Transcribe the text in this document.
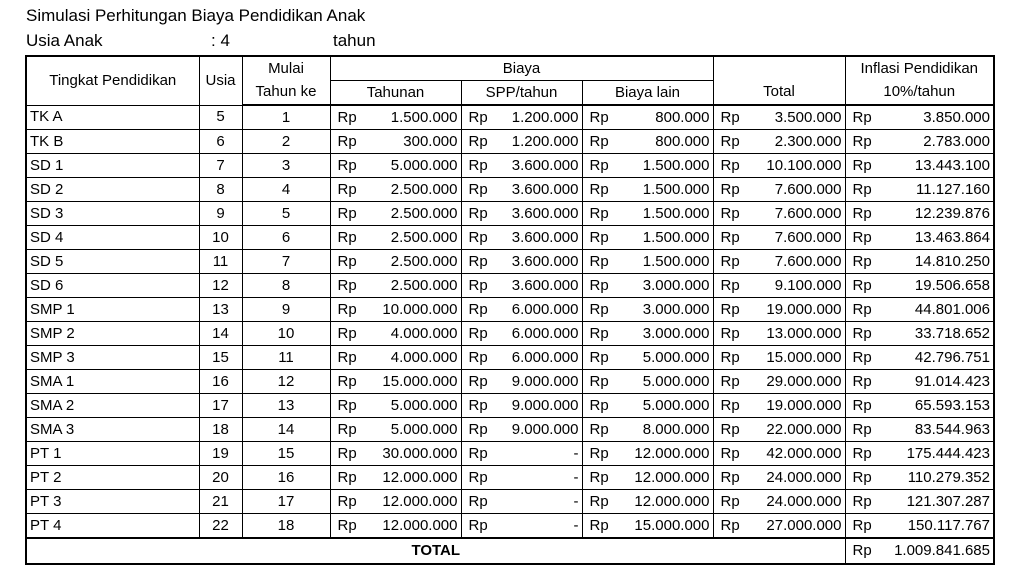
Simulasi Perhitungan Biaya Pendidikan Anak
Usia Anak	: 4	tahun
Tingkat Pendidikan	Usia	Mulai	Biaya				Inflasi Pendidikan
		Tahun ke	Tahunan	SPP/tahun	Biaya lain	Total	10%/tahun
TK A	5	1	Rp 1.500.000	Rp 1.200.000	Rp 800.000	Rp 3.500.000	Rp 3.850.000

TK B	6	2	Rp 300.000	Rp 1.200.000	Rp 800.000	Rp 2.300.000	Rp 2.783.000

SD 1	7	3	Rp 5.000.000	Rp 3.600.000	Rp 1.500.000	Rp 10.100.000	Rp 13.443.100

SD 2	8	4	Rp 2.500.000	Rp 3.600.000	Rp 1.500.000	Rp 7.600.000	Rp 11.127.160

SD 3	9	5	Rp 2.500.000	Rp 3.600.000	Rp 1.500.000	Rp 7.600.000	Rp 12.239.876

SD 4	10	6	Rp 2.500.000	Rp 3.600.000	Rp 1.500.000	Rp 7.600.000	Rp 13.463.864

SD 5	11	7	Rp 2.500.000	Rp 3.600.000	Rp 1.500.000	Rp 7.600.000	Rp 14.810.250

SD 6	12	8	Rp 2.500.000	Rp 3.600.000	Rp 3.000.000	Rp 9.100.000	Rp 19.506.658

SMP 1	13	9	Rp 10.000.000	Rp 6.000.000	Rp 3.000.000	Rp 19.000.000	Rp 44.801.006

SMP 2	14	10	Rp 4.000.000	Rp 6.000.000	Rp 3.000.000	Rp 13.000.000	Rp 33.718.652

SMP 3	15	11	Rp 4.000.000	Rp 6.000.000	Rp 5.000.000	Rp 15.000.000	Rp 42.796.751

SMA 1	16	12	Rp 15.000.000	Rp 9.000.000	Rp 5.000.000	Rp 29.000.000	Rp 91.014.423

SMA 2	17	13	Rp 5.000.000	Rp 9.000.000	Rp 5.000.000	Rp 19.000.000	Rp 65.593.153

SMA 3	18	14	Rp 5.000.000	Rp 9.000.000	Rp 8.000.000	Rp 22.000.000	Rp 83.544.963

PT 1	19	15	Rp 30.000.000	Rp -	Rp 12.000.000	Rp 42.000.000	Rp 175.444.423

PT 2	20	16	Rp 12.000.000	Rp -	Rp 12.000.000	Rp 24.000.000	Rp 110.279.352

PT 3	21	17	Rp 12.000.000	Rp -	Rp 12.000.000	Rp 24.000.000	Rp 121.307.287

PT 4	22	18	Rp 12.000.000	Rp -	Rp 15.000.000	Rp 27.000.000	Rp 150.117.767

TOTAL							Rp 1.009.841.685
